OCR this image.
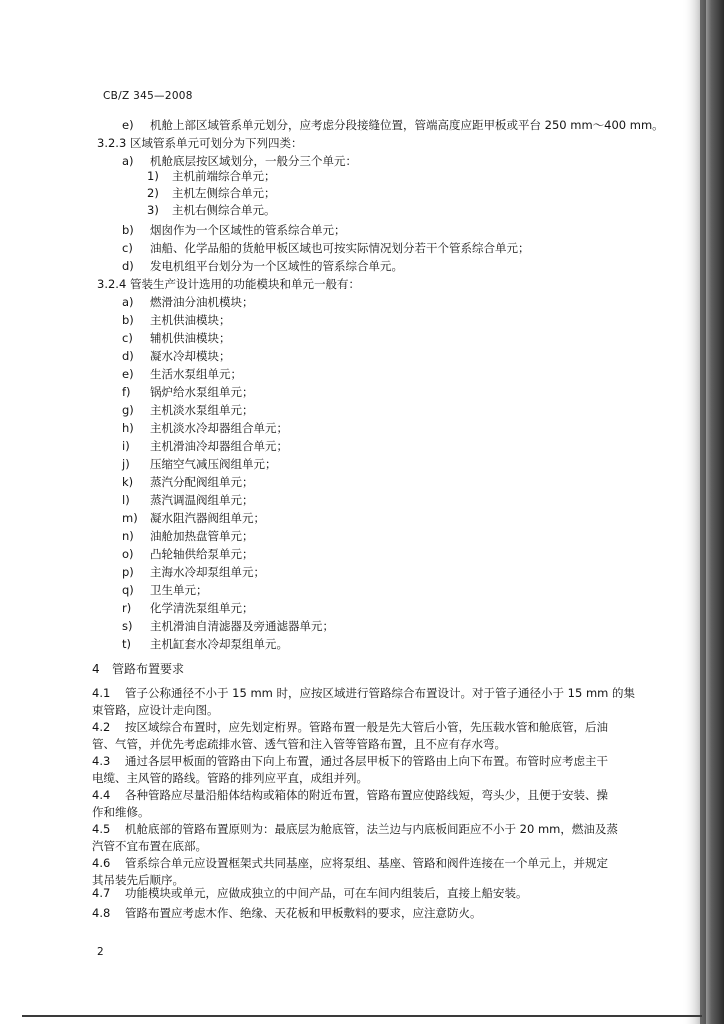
CB/Z 345—2008
e) 机舱上部区域管系单元划分，应考虑分段接缝位置，管端高度应距甲板或平台 250 mm～400 mm。
3.2.3 区域管系单元可划分为下列四类：
a) 机舱底层按区域划分，一般分三个单元：
1) 主机前端综合单元；
2) 主机左侧综合单元；
3) 主机右侧综合单元。
b) 烟囱作为一个区域性的管系综合单元；
c) 油船、化学品船的货舱甲板区域也可按实际情况划分若干个管系综合单元；
d) 发电机组平台划分为一个区域性的管系综合单元。
3.2.4 管装生产设计选用的功能模块和单元一般有：
a) 燃滑油分油机模块；
b) 主机供油模块；
c) 辅机供油模块；
d) 凝水冷却模块；
e) 生活水泵组单元；
f) 锅炉给水泵组单元；
g) 主机淡水泵组单元；
h) 主机淡水冷却器组合单元；
i) 主机滑油冷却器组合单元；
j) 压缩空气减压阀组单元；
k) 蒸汽分配阀组单元；
l) 蒸汽调温阀组单元；
m) 凝水阻汽器阀组单元；
n) 油舱加热盘管单元；
o) 凸轮轴供给泵单元；
p) 主海水冷却泵组单元；
q) 卫生单元；
r) 化学清洗泵组单元；
s) 主机滑油自清滤器及旁通滤器单元；
t) 主机缸套水冷却泵组单元。
4 管路布置要求
4.1 管子公称通径不小于 15 mm 时，应按区域进行管路综合布置设计。对于管子通径小于 15 mm 的集
束管路，应设计走向图。
4.2 按区域综合布置时，应先划定桁界。管路布置一般是先大管后小管，先压载水管和舱底管，后油
管、气管，并优先考虑疏排水管、透气管和注入管等管路布置，且不应有存水弯。
4.3 通过各层甲板面的管路由下向上布置，通过各层甲板下的管路由上向下布置。布管时应考虑主干
电缆、主风管的路线。管路的排列应平直，成组并列。
4.4 各种管路应尽量沿船体结构或箱体的附近布置，管路布置应使路线短，弯头少，且便于安装、操
作和维修。
4.5 机舱底部的管路布置原则为：最底层为舱底管，法兰边与内底板间距应不小于 20 mm，燃油及蒸
汽管不宜布置在底部。
4.6 管系综合单元应设置框架式共同基座，应将泵组、基座、管路和阀件连接在一个单元上，并规定
其吊装先后顺序。
4.7 功能模块或单元，应做成独立的中间产品，可在车间内组装后，直接上船安装。
4.8 管路布置应考虑木作、绝缘、天花板和甲板敷料的要求，应注意防火。
2
